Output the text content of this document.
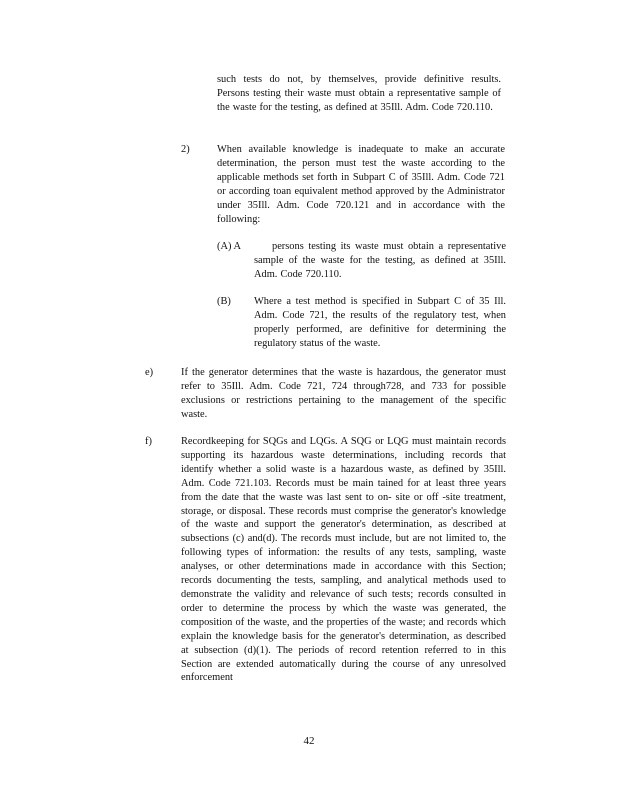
such tests do not, by themselves, provide definitive results. Persons testing their waste must obtain a representative sample of the waste for the testing, as defined at 35Ill. Adm. Code 720.110.

2)	When available knowledge is inadequate to make an accurate determination, the person must test the waste according to the applicable methods set forth in Subpart C of 35Ill. Adm. Code 721 or according toan equivalent method approved by the Administrator under 35Ill. Adm. Code 720.121 and in accordance with the following:

(A) A	persons testing its waste must obtain a representative sample of the waste for the testing, as defined at 35Ill. Adm. Code 720.110.

(B) Where a test method is specified in Subpart C of 35 Ill. Adm. Code 721, the results of the regulatory test, when properly performed, are definitive for determining the regulatory status of the waste.

e)	If the generator determines that the waste is hazardous, the generator must refer to 35Ill. Adm. Code 721, 724 through728, and 733 for possible exclusions or restrictions pertaining to the management of the specific waste.

f)	Recordkeeping for SQGs and LQGs. A SQG or LQG must maintain records supporting its hazardous waste determinations, including records that identify whether a solid waste is a hazardous waste, as defined by 35Ill. Adm. Code 721.103. Records must be main tained for at least three years from the date that the waste was last sent to on- site or off -site treatment, storage, or disposal. These records must comprise the generator's knowledge of the waste and support the generator's determination, as described at subsections (c) and(d). The records must include, but are not limited to, the following types of information: the results of any tests, sampling, waste analyses, or other determinations made in accordance with this Section; records documenting the tests, sampling, and analytical methods used to demonstrate the validity and relevance of such tests; records consulted in order to determine the process by which the waste was generated, the composition of the waste, and the properties of the waste; and records which explain the knowledge basis for the generator's determination, as described at subsection (d)(1). The periods of record retention referred to in this Section are extended automatically during the course of any unresolved enforcement

42
